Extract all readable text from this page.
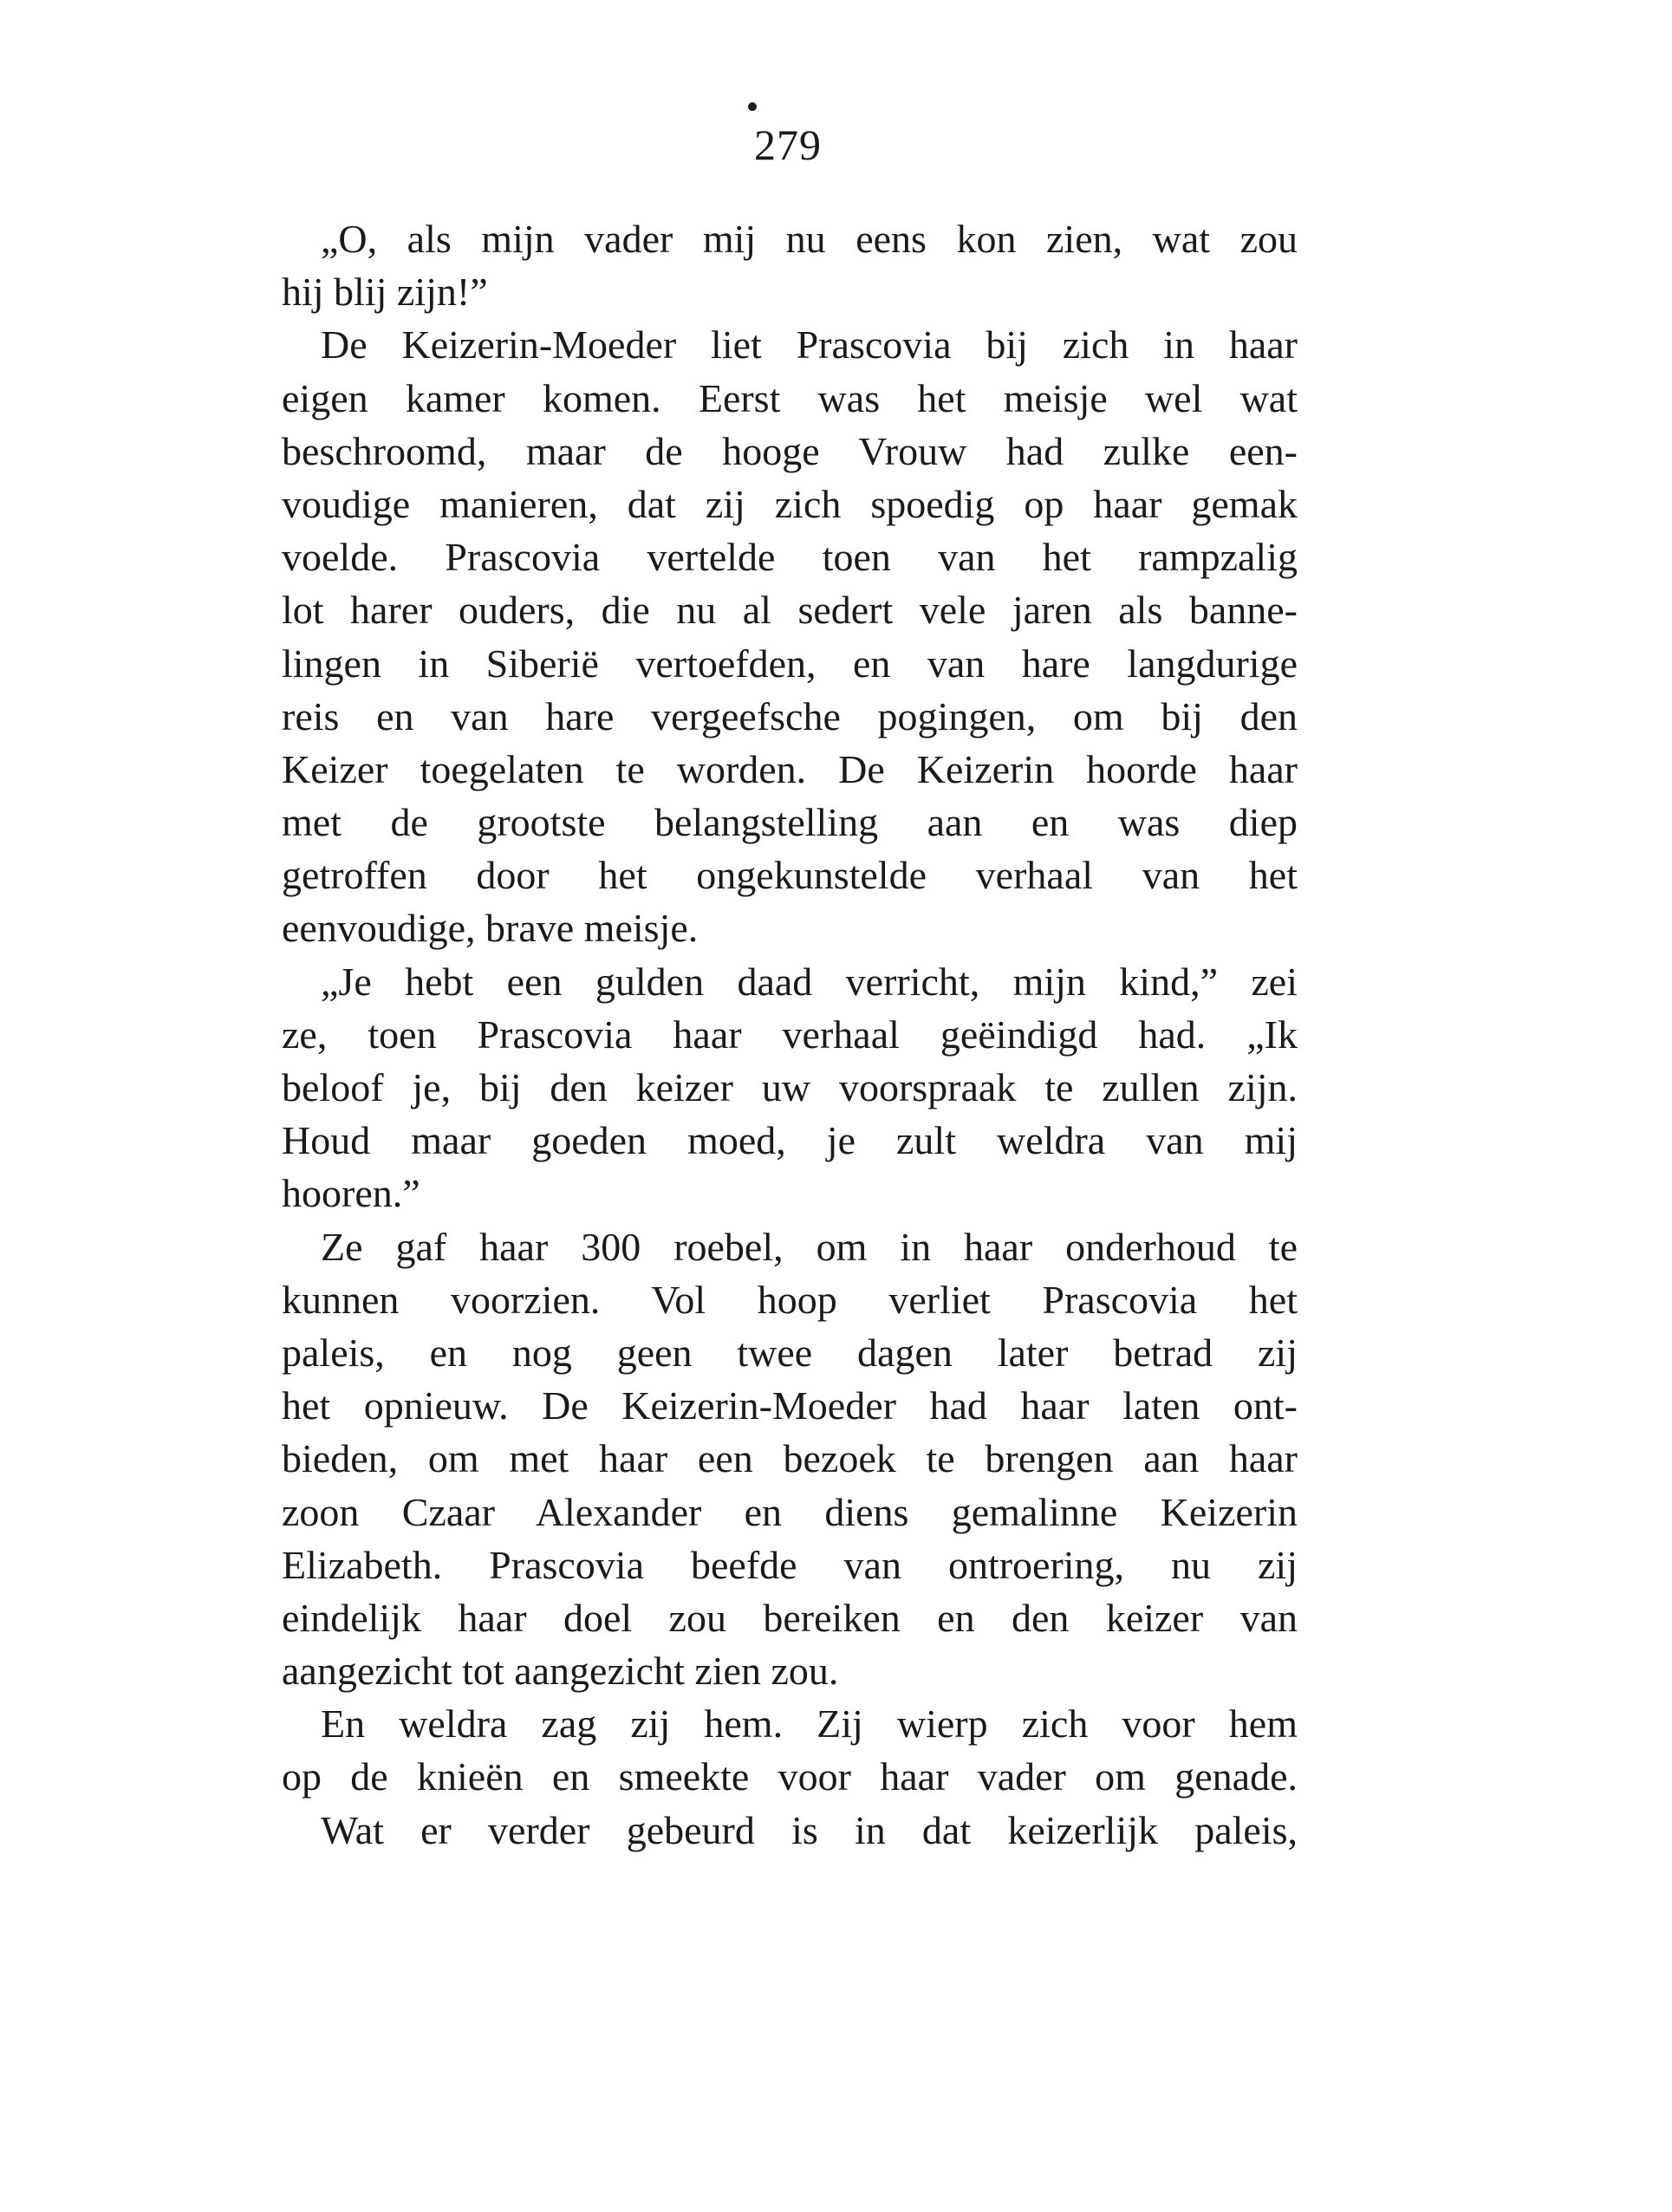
279
„O, als mijn vader mij nu eens kon zien, wat zou
hij blij zijn!”
De Keizerin-Moeder liet Prascovia bij zich in haar
eigen kamer komen. Eerst was het meisje wel wat
beschroomd, maar de hooge Vrouw had zulke een-
voudige manieren, dat zij zich spoedig op haar gemak
voelde. Prascovia vertelde toen van het rampzalig
lot harer ouders, die nu al sedert vele jaren als banne-
lingen in Siberië vertoefden, en van hare langdurige
reis en van hare vergeefsche pogingen, om bij den
Keizer toegelaten te worden. De Keizerin hoorde haar
met de grootste belangstelling aan en was diep
getroffen door het ongekunstelde verhaal van het
eenvoudige, brave meisje.
„Je hebt een gulden daad verricht, mijn kind,” zei
ze, toen Prascovia haar verhaal geëindigd had. „Ik
beloof je, bij den keizer uw voorspraak te zullen zijn.
Houd maar goeden moed, je zult weldra van mij
hooren.”
Ze gaf haar 300 roebel, om in haar onderhoud te
kunnen voorzien. Vol hoop verliet Prascovia het
paleis, en nog geen twee dagen later betrad zij
het opnieuw. De Keizerin-Moeder had haar laten ont-
bieden, om met haar een bezoek te brengen aan haar
zoon Czaar Alexander en diens gemalinne Keizerin
Elizabeth. Prascovia beefde van ontroering, nu zij
eindelijk haar doel zou bereiken en den keizer van
aangezicht tot aangezicht zien zou.
En weldra zag zij hem. Zij wierp zich voor hem
op de knieën en smeekte voor haar vader om genade.
Wat er verder gebeurd is in dat keizerlijk paleis,
